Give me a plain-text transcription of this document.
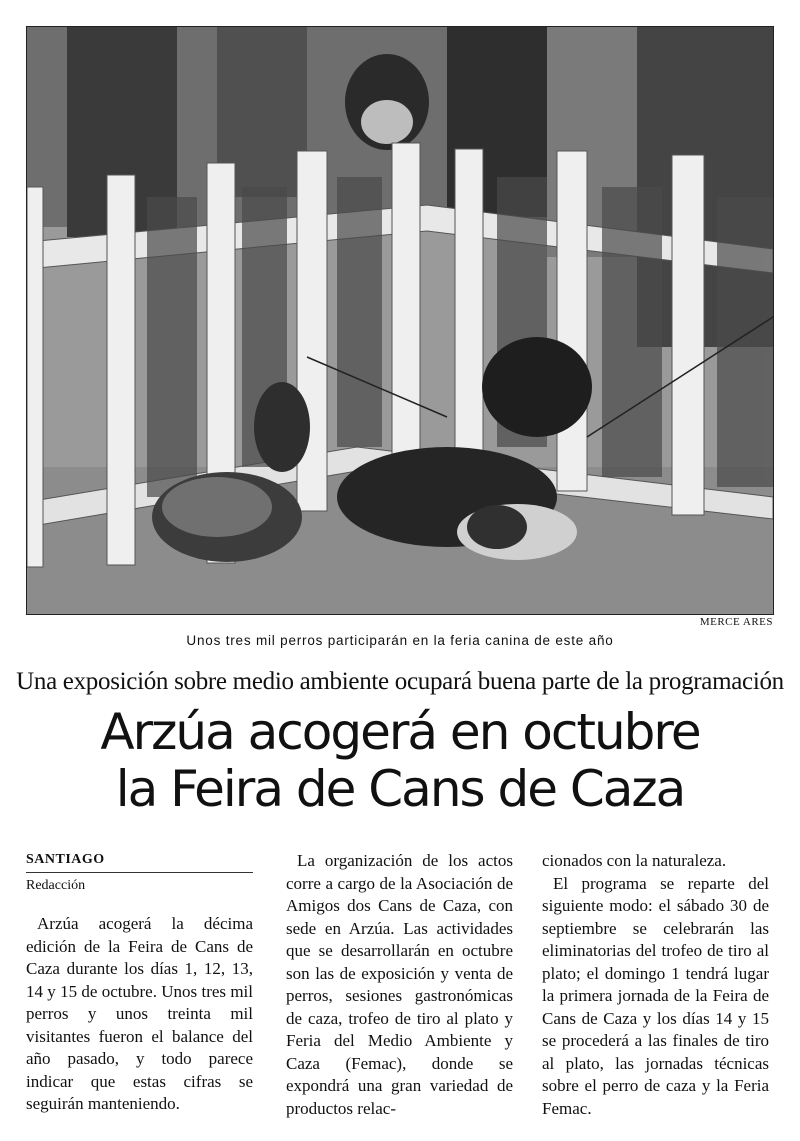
MERCE ARES
Unos tres mil perros participarán en la feria canina de este año
Una exposición sobre medio ambiente ocupará buena parte de la programación
Arzúa acogerá en octubre
la Feira de Cans de Caza

SANTIAGO

Redacción

Arzúa acogerá la décima edición de la Feira de Cans de Caza durante los días 1, 12, 13, 14 y 15 de octubre. Unos tres mil perros y unos treinta mil visitantes fueron el balance del año pasado, y todo parece indicar que estas cifras se seguirán manteniendo.

La organización de los actos corre a cargo de la Asociación de Amigos dos Cans de Caza, con sede en Arzúa. Las actividades que se desarrollarán en octubre son las de exposición y venta de perros, sesiones gastronómicas de caza, trofeo de tiro al plato y Feria del Medio Ambiente y Caza (Femac), donde se expondrá una gran variedad de productos relac-

cionados con la naturaleza.

El programa se reparte del siguiente modo: el sábado 30 de septiembre se celebrarán las eliminatorias del trofeo de tiro al plato; el domingo 1 tendrá lugar la primera jornada de la Feira de Cans de Caza y los días 14 y 15 se procederá a las finales de tiro al plato, las jornadas técnicas sobre el perro de caza y la Feria Femac.
